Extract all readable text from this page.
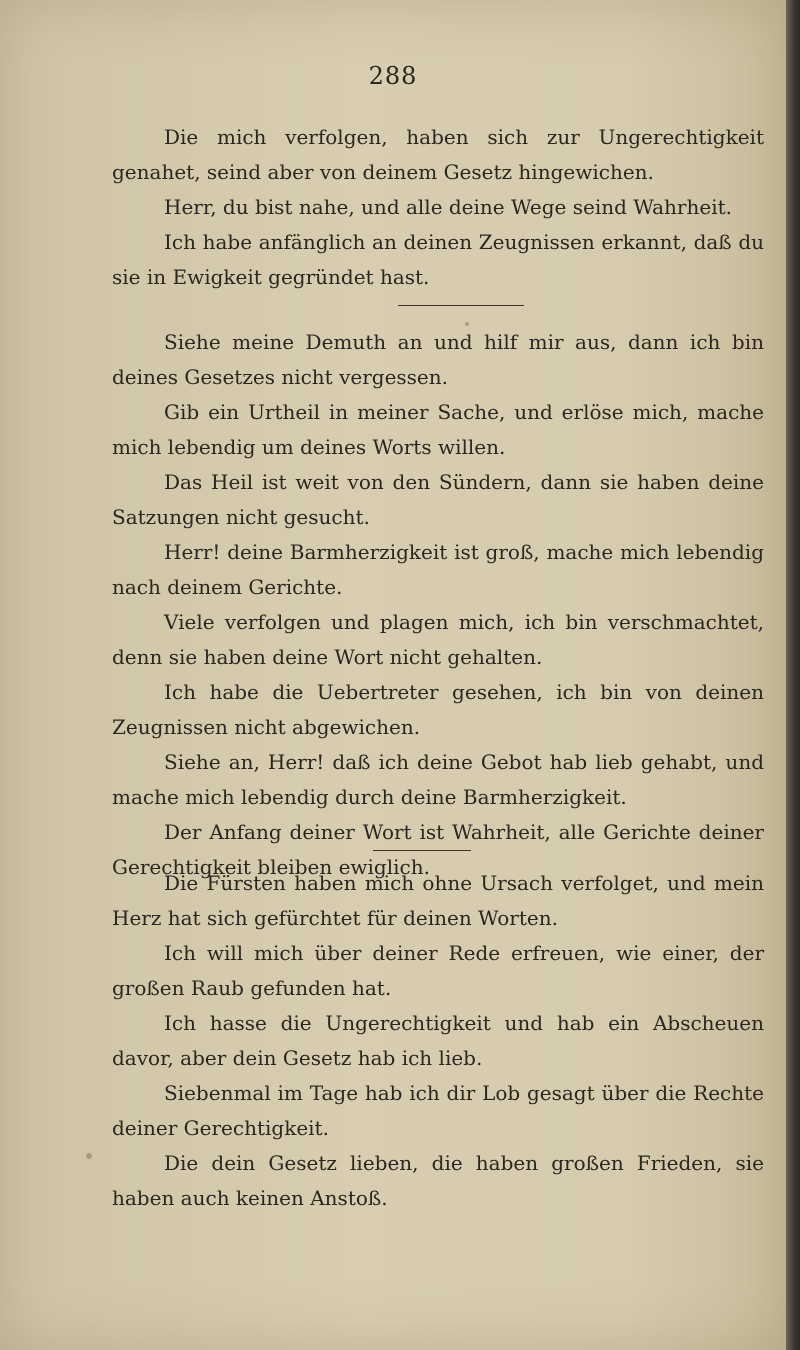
288

Die mich verfolgen, haben sich zur Ungerechtigkeit genahet, seind aber von deinem Gesetz hingewichen.

Herr, du bist nahe, und alle deine Wege seind Wahrheit.

Ich habe anfänglich an deinen Zeugnissen erkannt, daß du sie in Ewigkeit gegründet hast.

Siehe meine Demuth an und hilf mir aus, dann ich bin deines Gesetzes nicht vergessen.

Gib ein Urtheil in meiner Sache, und erlöse mich, mache mich lebendig um deines Worts willen.

Das Heil ist weit von den Sündern, dann sie haben deine Satzungen nicht gesucht.

Herr! deine Barmherzigkeit ist groß, mache mich lebendig nach deinem Gerichte.

Viele verfolgen und plagen mich, ich bin verschmachtet, denn sie haben deine Wort nicht gehalten.

Ich habe die Uebertreter gesehen, ich bin von deinen Zeugnissen nicht abgewichen.

Siehe an, Herr! daß ich deine Gebot hab lieb gehabt, und mache mich lebendig durch deine Barmherzigkeit.

Der Anfang deiner Wort ist Wahrheit, alle Gerichte deiner Gerechtigkeit bleiben ewiglich.

Die Fürsten haben mich ohne Ursach verfolget, und mein Herz hat sich gefürchtet für deinen Worten.

Ich will mich über deiner Rede erfreuen, wie einer, der großen Raub gefunden hat.

Ich hasse die Ungerechtigkeit und hab ein Abscheuen davor, aber dein Gesetz hab ich lieb.

Siebenmal im Tage hab ich dir Lob gesagt über die Rechte deiner Gerechtigkeit.

Die dein Gesetz lieben, die haben großen Frieden, sie haben auch keinen Anstoß.
